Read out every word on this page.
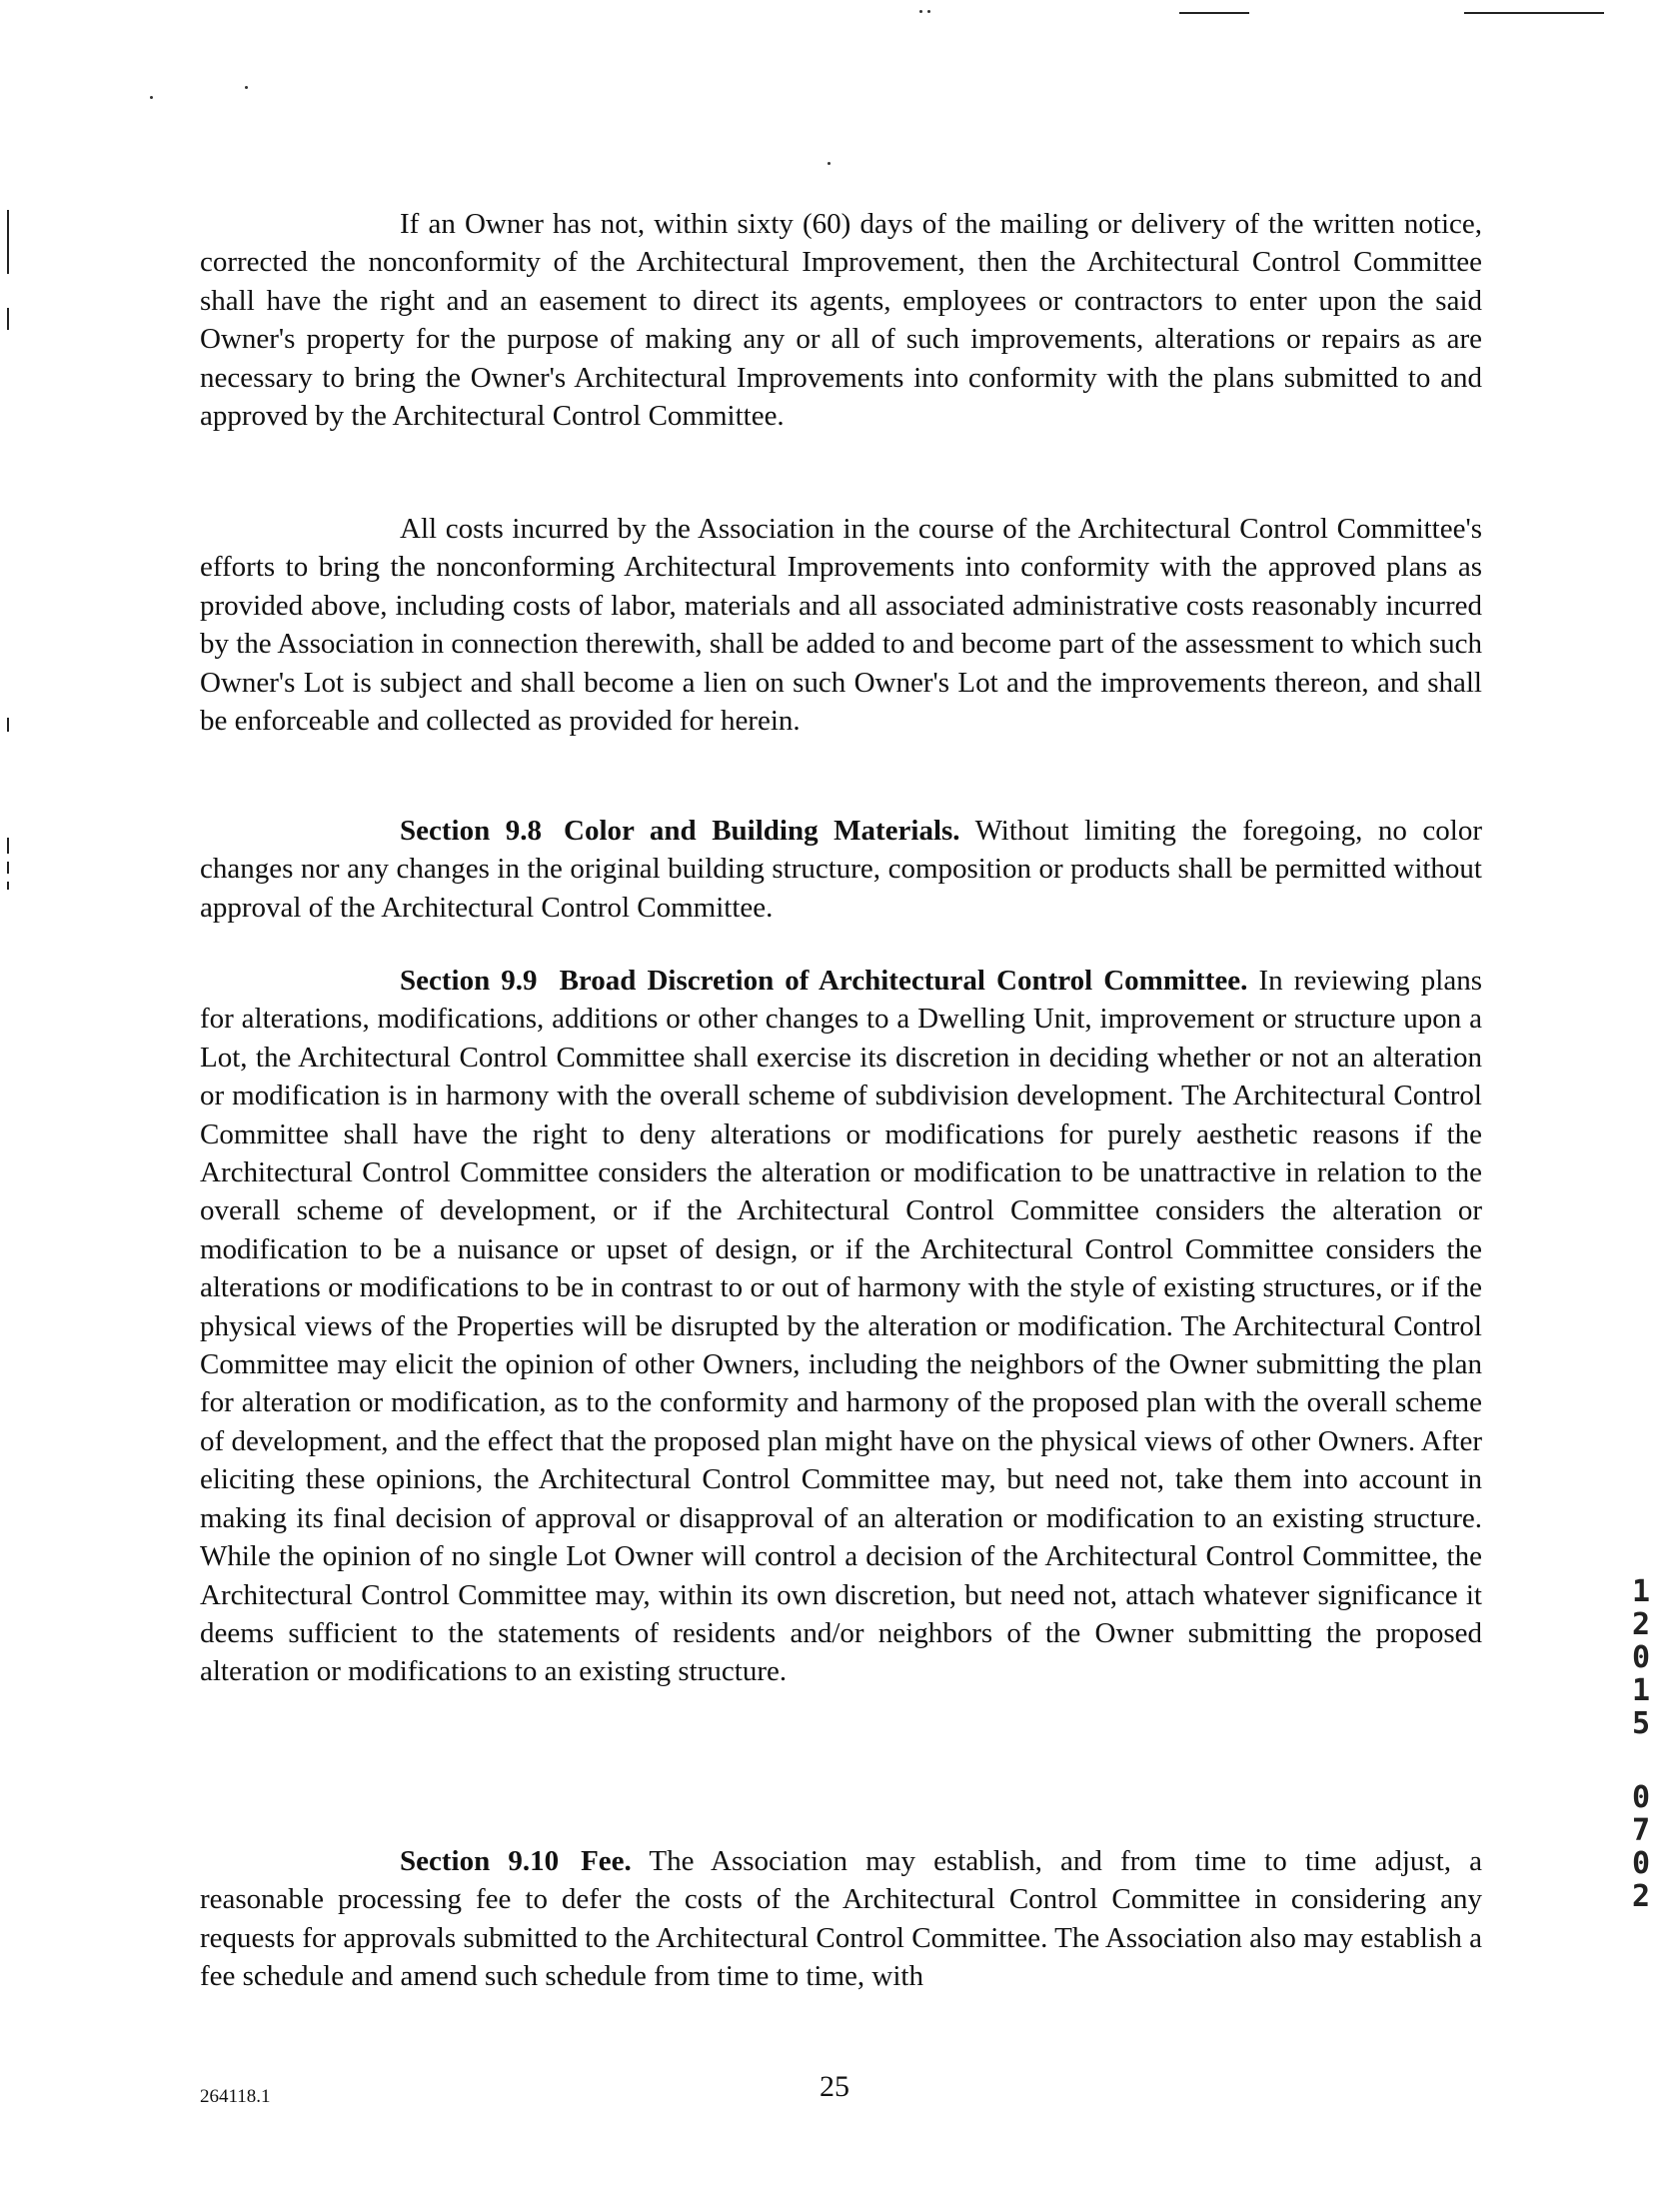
If an Owner has not, within sixty (60) days of the mailing or delivery of the written notice, corrected the nonconformity of the Architectural Improvement, then the Architectural Control Committee shall have the right and an easement to direct its agents, employees or contractors to enter upon the said Owner's property for the purpose of making any or all of such improvements, alterations or repairs as are necessary to bring the Owner's Architectural Improvements into conformity with the plans submitted to and approved by the Architectural Control Committee.

All costs incurred by the Association in the course of the Architectural Control Committee's efforts to bring the nonconforming Architectural Improvements into conformity with the approved plans as provided above, including costs of labor, materials and all associated administrative costs reasonably incurred by the Association in connection therewith, shall be added to and become part of the assessment to which such Owner's Lot is subject and shall become a lien on such Owner's Lot and the improvements thereon, and shall be enforceable and collected as provided for herein.

Section 9.8 Color and Building Materials. Without limiting the foregoing, no color changes nor any changes in the original building structure, composition or products shall be permitted without approval of the Architectural Control Committee.

Section 9.9 Broad Discretion of Architectural Control Committee. In reviewing plans for alterations, modifications, additions or other changes to a Dwelling Unit, improvement or structure upon a Lot, the Architectural Control Committee shall exercise its discretion in deciding whether or not an alteration or modification is in harmony with the overall scheme of subdivision development. The Architectural Control Committee shall have the right to deny alterations or modifications for purely aesthetic reasons if the Architectural Control Committee considers the alteration or modification to be unattractive in relation to the overall scheme of development, or if the Architectural Control Committee considers the alteration or modification to be a nuisance or upset of design, or if the Architectural Control Committee considers the alterations or modifications to be in contrast to or out of harmony with the style of existing structures, or if the physical views of the Properties will be disrupted by the alteration or modification. The Architectural Control Committee may elicit the opinion of other Owners, including the neighbors of the Owner submitting the plan for alteration or modification, as to the conformity and harmony of the proposed plan with the overall scheme of development, and the effect that the proposed plan might have on the physical views of other Owners. After eliciting these opinions, the Architectural Control Committee may, but need not, take them into account in making its final decision of approval or disapproval of an alteration or modification to an existing structure. While the opinion of no single Lot Owner will control a decision of the Architectural Control Committee, the Architectural Control Committee may, within its own discretion, but need not, attach whatever significance it deems sufficient to the statements of residents and/or neighbors of the Owner submitting the proposed alteration or modifications to an existing structure.

Section 9.10 Fee. The Association may establish, and from time to time adjust, a reasonable processing fee to defer the costs of the Architectural Control Committee in considering any requests for approvals submitted to the Architectural Control Committee. The Association also may establish a fee schedule and amend such schedule from time to time, with

1
2
0
1
5
0
7
0
2
264118.1	25
